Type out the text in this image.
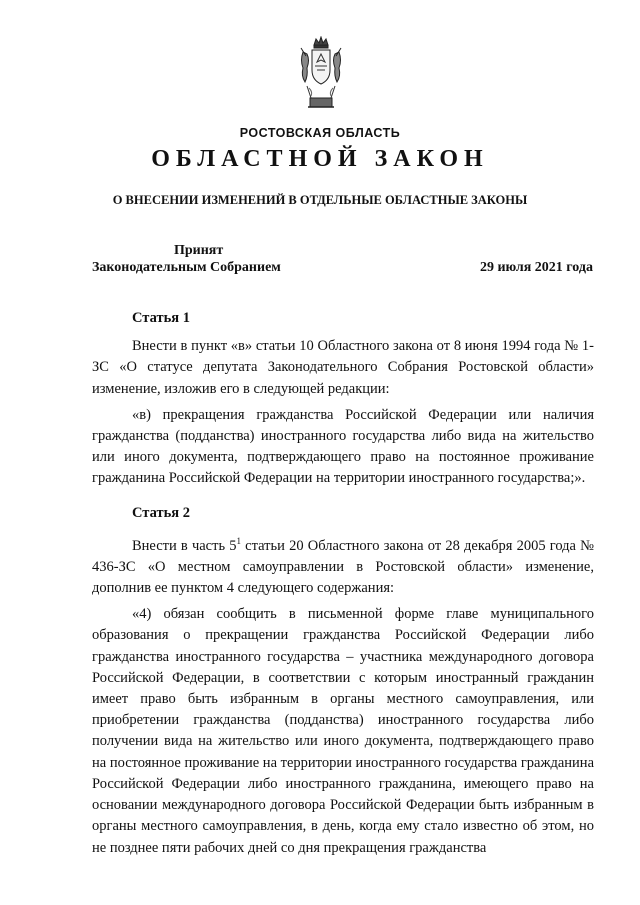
РОСТОВСКАЯ ОБЛАСТЬ
ОБЛАСТНОЙ ЗАКОН
О ВНЕСЕНИИ ИЗМЕНЕНИЙ В ОТДЕЛЬНЫЕ ОБЛАСТНЫЕ ЗАКОНЫ
Принят
Законодательным Собранием	29 июля 2021 года
Статья 1
Внести в пункт «в» статьи 10 Областного закона от 8 июня 1994 года № 1-ЗС «О статусе депутата Законодательного Собрания Ростовской области» изменение, изложив его в следующей редакции:
«в) прекращения гражданства Российской Федерации или наличия гражданства (подданства) иностранного государства либо вида на жительство или иного документа, подтверждающего право на постоянное проживание гражданина Российской Федерации на территории иностранного государства;».
Статья 2
Внести в часть $5^1$ статьи 20 Областного закона от 28 декабря 2005 года № 436-ЗС «О местном самоуправлении в Ростовской области» изменение, дополнив ее пунктом 4 следующего содержания:
«4) обязан сообщить в письменной форме главе муниципального образования о прекращении гражданства Российской Федерации либо гражданства иностранного государства – участника международного договора Российской Федерации, в соответствии с которым иностранный гражданин имеет право быть избранным в органы местного самоуправления, или приобретении гражданства (подданства) иностранного государства либо получении вида на жительство или иного документа, подтверждающего право на постоянное проживание на территории иностранного государства гражданина Российской Федерации либо иностранного гражданина, имеющего право на основании международного договора Российской Федерации быть избранным в органы местного самоуправления, в день, когда ему стало известно об этом, но не позднее пяти рабочих дней со дня прекращения гражданства
